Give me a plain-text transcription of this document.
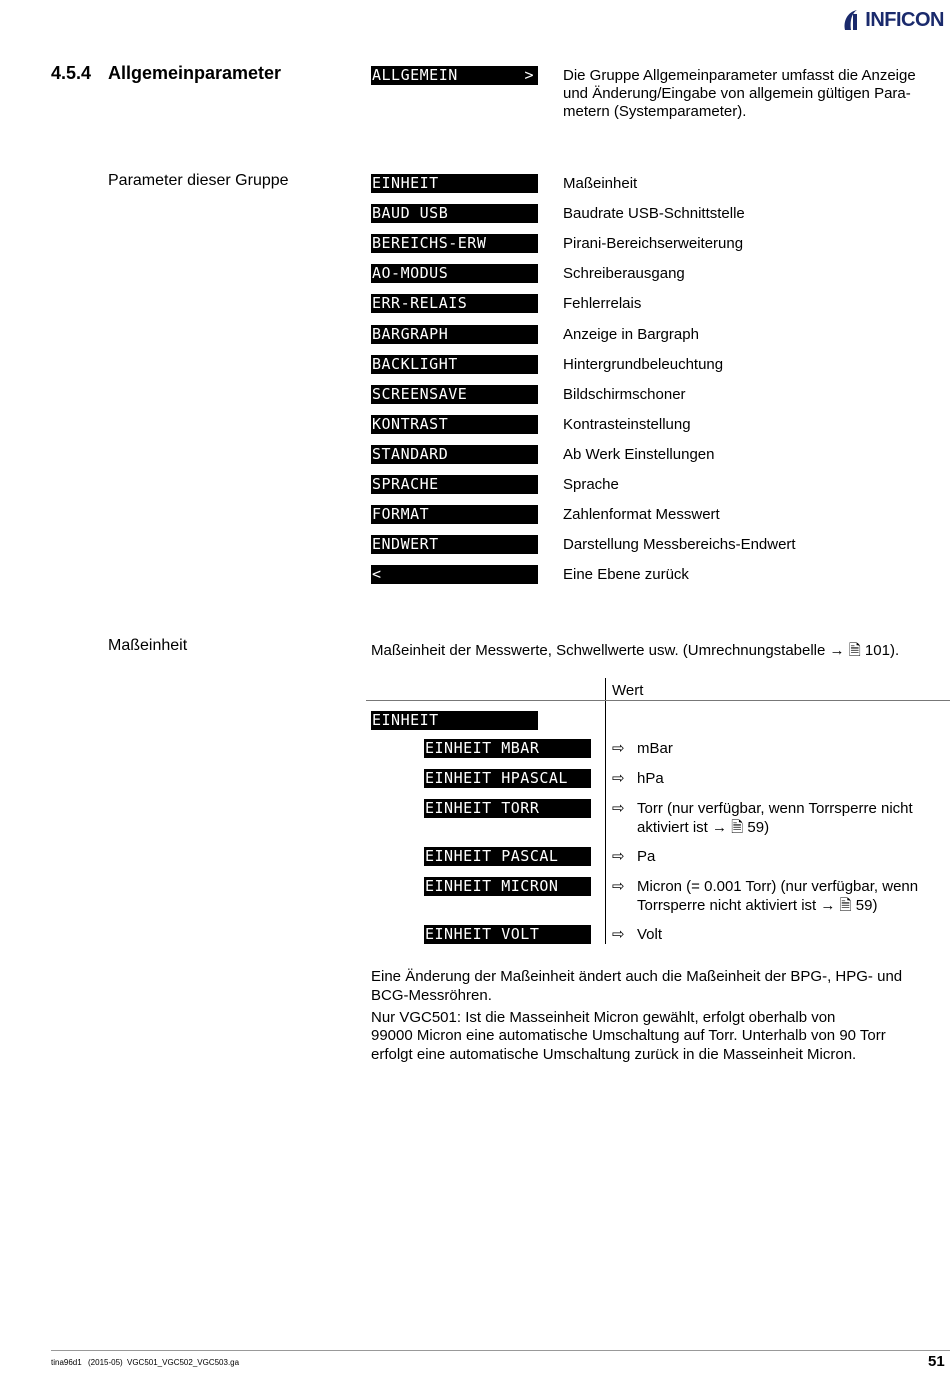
INFICON
4.5.4 Allgemeinparameter	ALLGEMEIN       > Die Gruppe Allgemeinparameter umfasst die Anzeige
und Änderung/Eingabe von allgemein gültigen Para-
metern (Systemparameter).
Parameter dieser Gruppe	EINHEIT	Maßeinheit
BAUD USB	Baudrate USB-Schnittstelle
BEREICHS-ERW	Pirani-Bereichserweiterung
AO-MODUS	Schreiberausgang
ERR-RELAIS	Fehlerrelais
BARGRAPH	Anzeige in Bargraph
BACKLIGHT	Hintergrundbeleuchtung
SCREENSAVE	Bildschirmschoner
KONTRAST	Kontrasteinstellung
STANDARD	Ab Werk Einstellungen
SPRACHE	Sprache
FORMAT	Zahlenformat Messwert
ENDWERT	Darstellung Messbereichs-Endwert
<	Eine Ebene zurück
Maßeinheit	Maßeinheit der Messwerte, Schwellwerte usw. (Umrechnungstabelle → 🗎 101).
Wert
EINHEIT
EINHEIT MBAR	⇨ mBar
EINHEIT HPASCAL	⇨ hPa
EINHEIT TORR	⇨ Torr (nur verfügbar, wenn Torrsperre nicht
aktiviert ist → 🗎 59)
EINHEIT PASCAL	⇨ Pa
EINHEIT MICRON	⇨ Micron (= 0.001 Torr) (nur verfügbar, wenn
Torrsperre nicht aktiviert ist → 🗎 59)
EINHEIT VOLT	⇨ Volt
Eine Änderung der Maßeinheit ändert auch die Maßeinheit der BPG-, HPG- und
BCG-Messröhren.
Nur VGC501: Ist die Masseinheit Micron gewählt, erfolgt oberhalb von
99000 Micron eine automatische Umschaltung auf Torr. Unterhalb von 90 Torr
erfolgt eine automatische Umschaltung zurück in die Masseinheit Micron.
tina96d1 (2015-05) VGC501_VGC502_VGC503.ga	51
